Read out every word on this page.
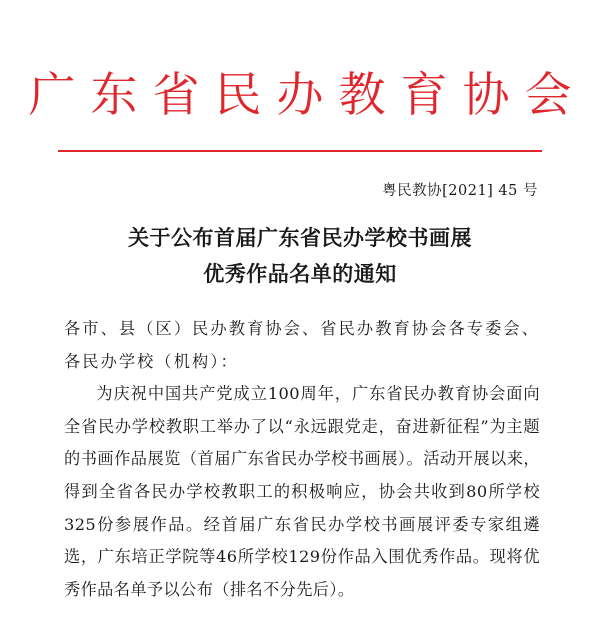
广东省民办教育协会
粤民教协[2021] 45 号
关于公布首届广东省民办学校书画展
优秀作品名单的通知

各市、县（区）民办教育协会、省民办教育协会各专委会、各民办学校（机构）：

为庆祝中国共产党成立100周年，广东省民办教育协会面向全省民办学校教职工举办了以“永远跟党走，奋进新征程”为主题的书画作品展览（首届广东省民办学校书画展）。活动开展以来，得到全省各民办学校教职工的积极响应，协会共收到80所学校325份参展作品。经首届广东省民办学校书画展评委专家组遴选，广东培正学院等46所学校129份作品入围优秀作品。现将优秀作品名单予以公布（排名不分先后）。
